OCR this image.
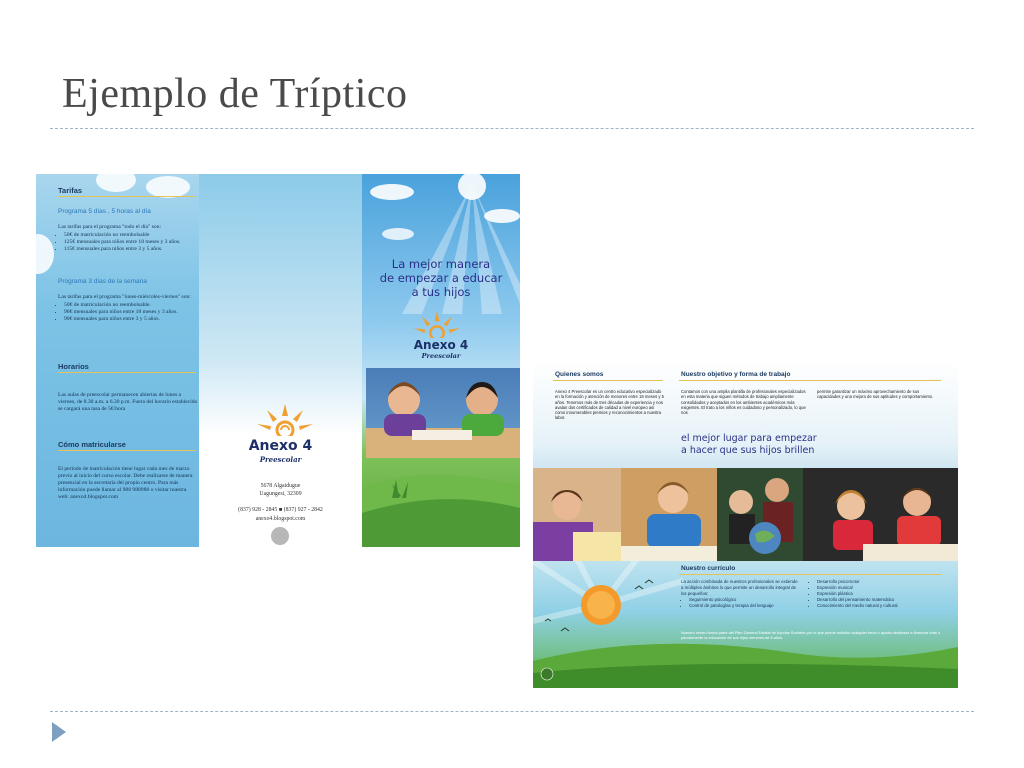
Ejemplo de Tríptico
Tarifas
Programa 5 días , 5 horas al día
Las tarifas para el programa "todo el día" son:
• 50€ de matriculación no reembolsable
• 125€ mensuales para niños entre 18 meses y 3 años.
• 115€ mensuales para niños entre 3 y 5 años.
Programa 3 días de la semana
Las tarifas para el programa "lunes-miércoles-viernes" son:
• 50€ de matriculación no reembolsable.
• 96€ mensuales para niños entre 18 meses y 3 años.
• 90€ mensuales para niños entre 3 y 5 años.
Horarios
Las aulas de preescolar permanecen abiertas de lunes a viernes, de 8.30 a.m. a 6.30 p.m. Fuera del horario establecido se cargará una tasa de 5€/hora
Cómo matricularse
El período de matriculación tiene lugar cada mes de marzo previo al inicio del curso escolar. Debe realizarse de manera presencial en la secretaría del propio centro. Para más información puede llamar al 988 988988 o visitar nuestra web: anexo4.blogspot.com
Anexo 4
Preescolar
5678 Algaidugue
Uagungesi, 32309
(837) 928 - 2845 ■ (837) 927 - 2842
anexo4.blogspot.com
La mejor manera
de empezar a educar
a tus hijos
Anexo 4
Preescolar
Quienes somos
Anexo 4 Preescolar es un centro educativo especializado en la formación y atención de menores entre 18 meses y 5 años. Tenemos más de tres décadas de experiencia y nos avalan dos certificados de calidad a nivel europeo así como innumerables premios y reconocimientos a nuestra labor.
Nuestro objetivo y forma de trabajo
Contamos con una amplia plantilla de profesionales especializados en esta materia que siguen métodos de trabajo ampliamente consolidados y aceptados en los ambientes académicos más exigentes. El trato a los niños es cuidadoso y personalizado, lo que nos
permite garantizar un máximo aprovechamiento de sus capacidades y una mejora de sus aptitudes y comportamiento.
el mejor lugar para empezar
a hacer que sus hijos brillen
Nuestro currículo
La acción combinada de nuestros profesionales se extiende a múltiples ámbitos lo que permite un desarrollo integral de los pequeños:
• Seguimiento psicológico
• Control de patologías y terapia del lenguaje
• Desarrollo psicomotor
• Expresión musical
• Expresión plástica
• Desarrollo del pensamiento matemático
• Conocimiento del medio natural y cultural
Nuestro centro forma parte del Plan General Estatal de Ayudas Sociales por lo que puede solicitar cualquier beca o ayuda destinada a financiar total o parcialmente la educación de sus hijos menores de 6 años.
